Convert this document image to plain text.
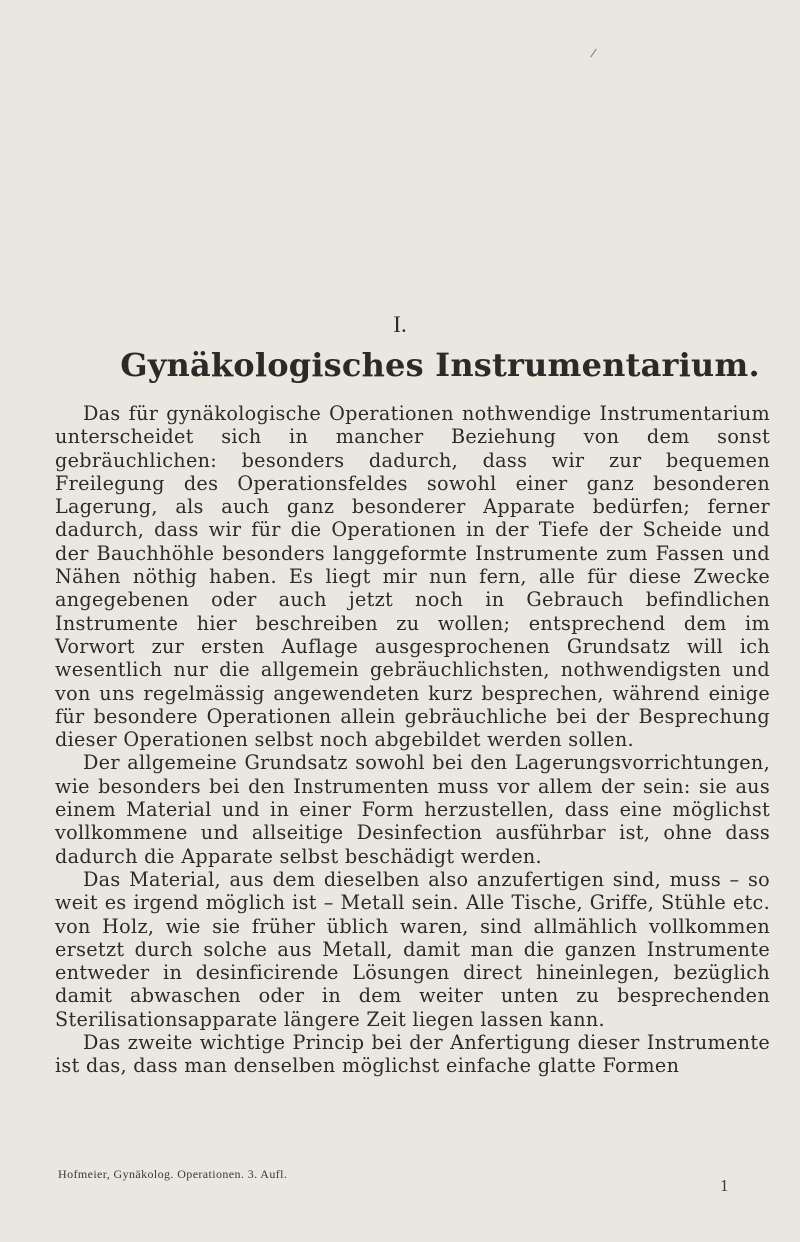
I.
Gynäkologisches Instrumentarium.

Das für gynäkologische Operationen nothwendige Instrumentarium unterscheidet sich in mancher Beziehung von dem sonst gebräuchlichen: besonders dadurch, dass wir zur bequemen Freilegung des Operationsfeldes sowohl einer ganz besonderen Lagerung, als auch ganz besonderer Apparate bedürfen; ferner dadurch, dass wir für die Operationen in der Tiefe der Scheide und der Bauchhöhle besonders langgeformte Instrumente zum Fassen und Nähen nöthig haben. Es liegt mir nun fern, alle für diese Zwecke angegebenen oder auch jetzt noch in Gebrauch befindlichen Instrumente hier beschreiben zu wollen; entsprechend dem im Vorwort zur ersten Auflage ausgesprochenen Grundsatz will ich wesentlich nur die allgemein gebräuchlichsten, nothwendigsten und von uns regelmässig angewendeten kurz besprechen, während einige für besondere Operationen allein gebräuchliche bei der Besprechung dieser Operationen selbst noch abgebildet werden sollen.

Der allgemeine Grundsatz sowohl bei den Lagerungsvorrichtungen, wie besonders bei den Instrumenten muss vor allem der sein: sie aus einem Material und in einer Form herzustellen, dass eine möglichst vollkommene und allseitige Desinfection ausführbar ist, ohne dass dadurch die Apparate selbst beschädigt werden.

Das Material, aus dem dieselben also anzufertigen sind, muss – so weit es irgend möglich ist – Metall sein. Alle Tische, Griffe, Stühle etc. von Holz, wie sie früher üblich waren, sind allmählich vollkommen ersetzt durch solche aus Metall, damit man die ganzen Instrumente entweder in desinficirende Lösungen direct hineinlegen, bezüglich damit abwaschen oder in dem weiter unten zu besprechenden Sterilisationsapparate längere Zeit liegen lassen kann.

Das zweite wichtige Princip bei der Anfertigung dieser Instrumente ist das, dass man denselben möglichst einfache glatte Formen

Hofmeier, Gynäkolog. Operationen. 3. Aufl.
1
